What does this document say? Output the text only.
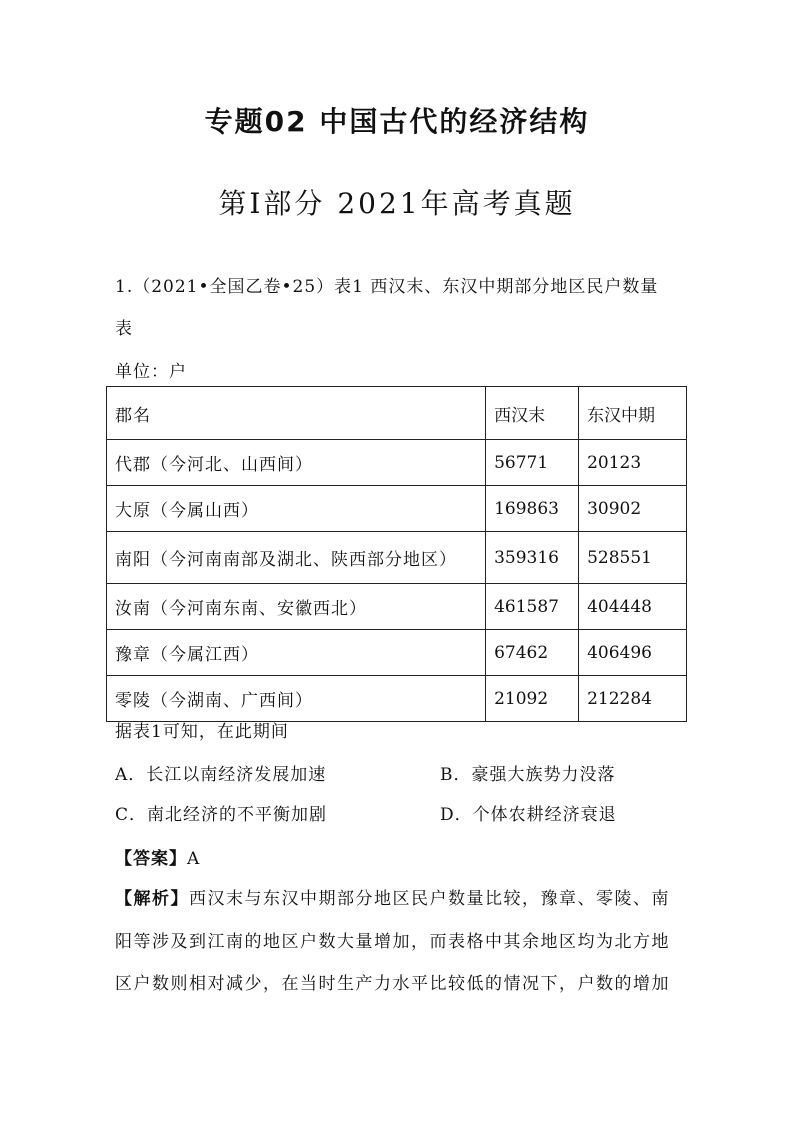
专题02 中国古代的经济结构
第Ⅰ部分 2021年高考真题
1.（2021•全国乙卷•25）表1 西汉末、东汉中期部分地区民户数量
表
单位：户
郡名	西汉末	东汉中期
代郡（今河北、山西间）	56771	20123
大原（今属山西）	169863	30902
南阳（今河南南部及湖北、陕西部分地区）	359316	528551
汝南（今河南东南、安徽西北）	461587	404448
豫章（今属江西）	67462	406496
零陵（今湖南、广西间）	21092	212284
据表1可知，在此期间
A．长江以南经济发展加速	B．豪强大族势力没落
C．南北经济的不平衡加剧	D．个体农耕经济衰退
【答案】A
【解析】西汉末与东汉中期部分地区民户数量比较，豫章、零陵、南
阳等涉及到江南的地区户数大量增加，而表格中其余地区均为北方地
区户数则相对减少，在当时生产力水平比较低的情况下，户数的增加
